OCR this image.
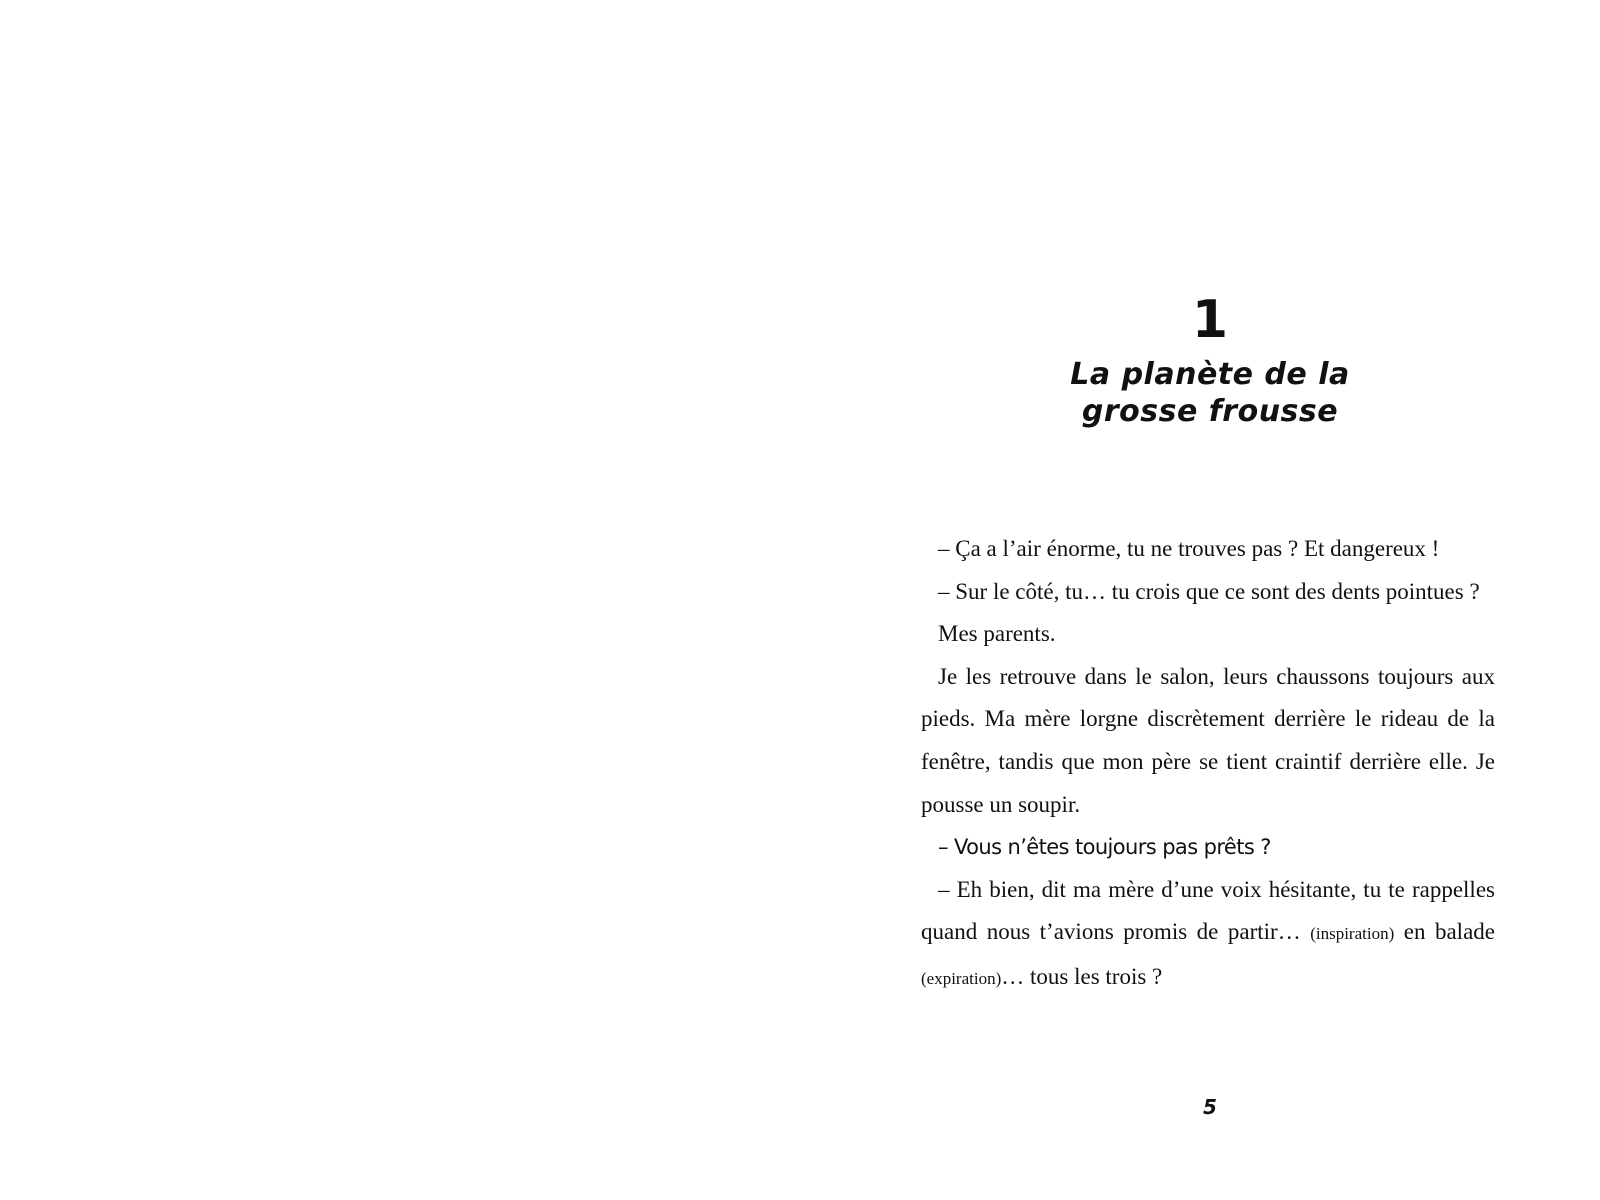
1
La planète de la
grosse frousse

– Ça a l’air énorme, tu ne trouves pas ? Et dangereux !

– Sur le côté, tu… tu crois que ce sont des dents pointues ?

Mes parents.

Je les retrouve dans le salon, leurs chaussons toujours aux pieds. Ma mère lorgne discrètement derrière le rideau de la fenêtre, tandis que mon père se tient craintif derrière elle. Je pousse un soupir.

– Vous n’êtes toujours pas prêts ?

– Eh bien, dit ma mère d’une voix hésitante, tu te rappelles quand nous t’avions promis de partir… (inspiration) en balade (expiration)… tous les trois ?

5
